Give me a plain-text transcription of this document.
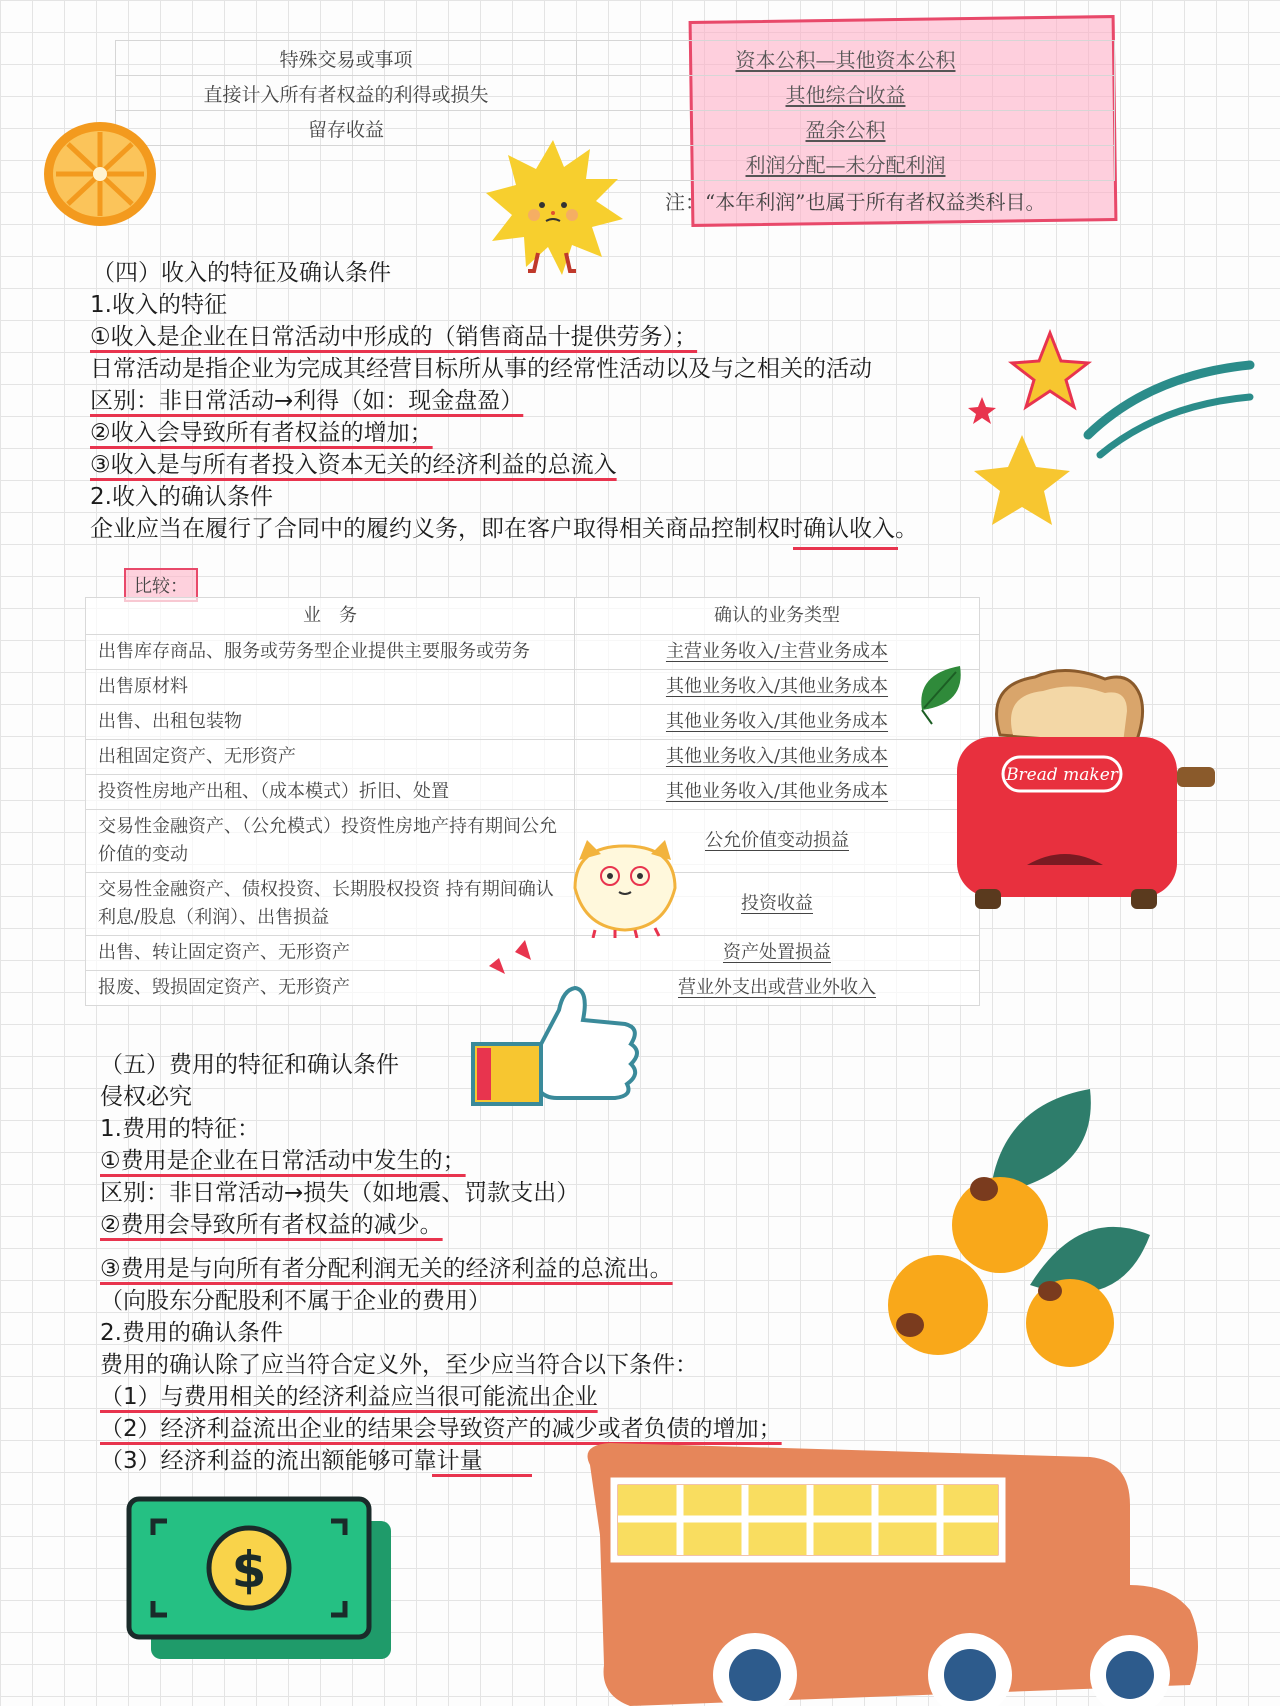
特殊交易或事项	资本公积—其他资本公积
直接计入所有者权益的利得或损失	其他综合收益
留存收益	盈余公积
	利润分配—未分配利润
注：“本年利润”也属于所有者权益类科目。
（四）收入的特征及确认条件
1.收入的特征
①收入是企业在日常活动中形成的（销售商品十提供劳务）；
日常活动是指企业为完成其经营目标所从事的经常性活动以及与之相关的活动
区别：非日常活动→利得（如：现金盘盈）
②收入会导致所有者权益的增加；
③收入是与所有者投入资本无关的经济利益的总流入
2.收入的确认条件
企业应当在履行了合同中的履约义务，即在客户取得相关商品控制权时确认收入。
比较：
业　务	确认的业务类型
出售库存商品、服务或劳务型企业提供主要服务或劳务	主营业务收入/主营业务成本
出售原材料	其他业务收入/其他业务成本
出售、出租包装物	其他业务收入/其他业务成本
出租固定资产、无形资产	其他业务收入/其他业务成本
投资性房地产出租、（成本模式）折旧、处置	其他业务收入/其他业务成本
交易性金融资产、（公允模式）投资性房地产持有期间公允价值的变动	公允价值变动损益
交易性金融资产、债权投资、长期股权投资 持有期间确认利息/股息（利润）、出售损益	投资收益
出售、转让固定资产、无形资产	资产处置损益
报废、毁损固定资产、无形资产	营业外支出或营业外收入
Bread maker
（五）费用的特征和确认条件
侵权必究
1.费用的特征：
①费用是企业在日常活动中发生的；
区别：非日常活动→损失（如地震、罚款支出）
②费用会导致所有者权益的减少。
③费用是与向所有者分配利润无关的经济利益的总流出。
（向股东分配股利不属于企业的费用）
2.费用的确认条件
费用的确认除了应当符合定义外，至少应当符合以下条件：
（1）与费用相关的经济利益应当很可能流出企业
（2）经济利益流出企业的结果会导致资产的减少或者负债的增加；
（3）经济利益的流出额能够可靠计量
$
